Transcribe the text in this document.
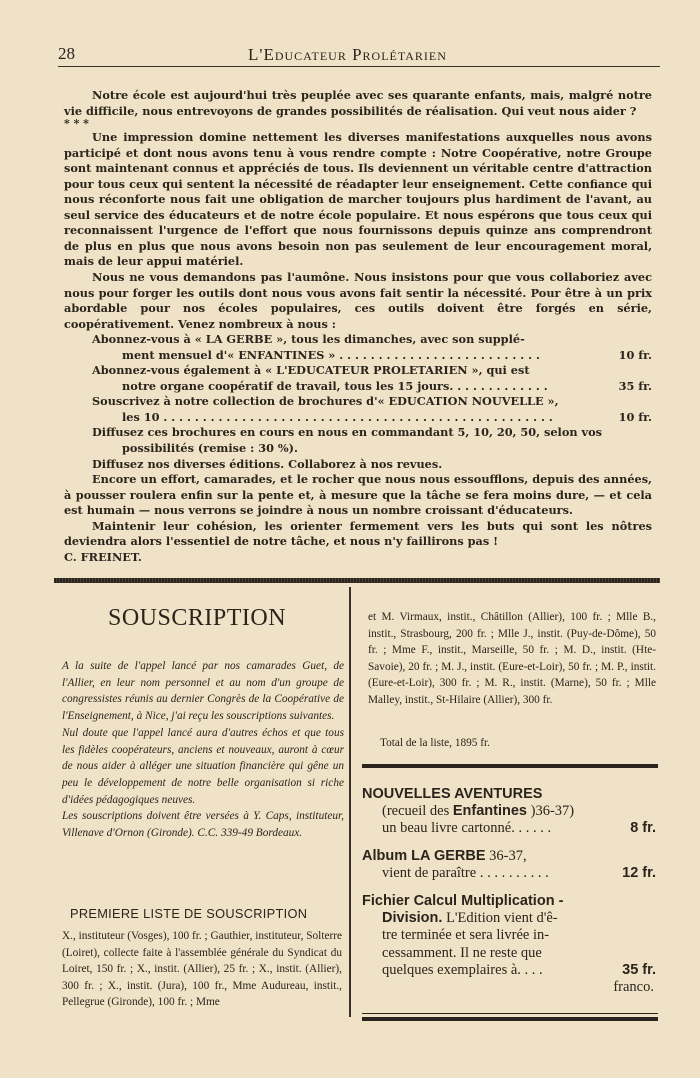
28	L'Educateur Prolétarien

Notre école est aujourd'hui très peuplée avec ses quarante enfants, mais, malgré notre vie difficile, nous entrevoyons de grandes possibilités de réalisation. Qui veut nous aider ?

* * *

Une impression domine nettement les diverses manifestations auxquelles nous avons participé et dont nous avons tenu à vous rendre compte : Notre Coopérative, notre Groupe sont maintenant connus et appréciés de tous. Ils deviennent un véritable centre d'attraction pour tous ceux qui sentent la nécessité de réadapter leur enseignement. Cette confiance qui nous réconforte nous fait une obligation de marcher toujours plus hardiment de l'avant, au seul service des éducateurs et de notre école populaire. Et nous espérons que tous ceux qui reconnaissent l'urgence de l'effort que nous fournissons depuis quinze ans comprendront de plus en plus que nous avons besoin non pas seulement de leur encouragement moral, mais de leur appui matériel.

Nous ne vous demandons pas l'aumône. Nous insistons pour que vous collaboriez avec nous pour forger les outils dont nous vous avons fait sentir la nécessité. Pour être à un prix abordable pour nos écoles populaires, ces outils doivent être forgés en série, coopérativement. Venez nombreux à nous :

Abonnez-vous à « LA GERBE », tous les dimanches, avec son supplé-
ment mensuel d'« ENFANTINES » . . . . . . . . . . . . . . . . . . . . . . . . . .	10 fr.
Abonnez-vous également à « L'EDUCATEUR PROLETARIEN », qui est
notre organe coopératif de travail, tous les 15 jours. . . . . . . . . . . . .	35 fr.
Souscrivez à notre collection de brochures d'« EDUCATION NOUVELLE »,
les 10 . . . . . . . . . . . . . . . . . . . . . . . . . . . . . . . . . . . . . . . . . . . . . . . . . .	10 fr.
Diffusez ces brochures en cours en nous en commandant 5, 10, 20, 50, selon vos
possibilités (remise : 30 %).
Diffusez nos diverses éditions. Collaborez à nos revues.

Encore un effort, camarades, et le rocher que nous nous essoufflons, depuis des années, à pousser roulera enfin sur la pente et, à mesure que la tâche se fera moins dure, — et cela est humain — nous verrons se joindre à nous un nombre croissant d'éducateurs.

Maintenir leur cohésion, les orienter fermement vers les buts qui sont les nôtres deviendra alors l'essentiel de notre tâche, et nous n'y faillirons pas !

C. FREINET.

SOUSCRIPTION

A la suite de l'appel lancé par nos camarades Guet, de l'Allier, en leur nom personnel et au nom d'un groupe de congressistes réunis au dernier Congrès de la Coopérative de l'Enseignement, à Nice, j'ai reçu les souscriptions suivantes.

Nul doute que l'appel lancé aura d'autres échos et que tous les fidèles coopérateurs, anciens et nouveaux, auront à cœur de nous aider à alléger une situation financière qui gêne un peu le développement de notre belle organisation si riche d'idées pédagogiques neuves.

Les souscriptions doivent être versées à Y. Caps, instituteur, Villenave d'Ornon (Gironde). C.C. 339-49 Bordeaux.

PREMIERE LISTE DE SOUSCRIPTION

X., instituteur (Vosges), 100 fr. ; Gauthier, instituteur, Solterre (Loiret), collecte faite à l'assemblée générale du Syndicat du Loiret, 150 fr. ; X., instit. (Allier), 25 fr. ; X., instit. (Allier), 300 fr. ; X., instit. (Jura), 100 fr., Mme Audureau, instit., Pellegrue (Gironde), 100 fr. ; Mme

et M. Virmaux, instit., Châtillon (Allier), 100 fr. ; Mlle B., instit., Strasbourg, 200 fr. ; Mlle J., instit. (Puy-de-Dôme), 50 fr. ; Mme F., instit., Marseille, 50 fr. ; M. D., instit. (Hte-Savoie), 20 fr. ; M. J., instit. (Eure-et-Loir), 50 fr. ; M. P., instit. (Eure-et-Loir), 300 fr. ; M. R., instit. (Marne), 50 fr. ; Mlle Malley, instit., St-Hilaire (Allier), 300 fr.

Total de la liste, 1895 fr.
NOUVELLES AVENTURES
(recueil des Enfantines )36-37)
un beau livre cartonné. . . . . .	8 fr.
Album LA GERBE 36-37,
vient de paraître . . . . . . . . . .	12 fr.
Fichier Calcul Multiplication -
Division. L'Edition vient d'ê-
tre terminée et sera livrée in-
cessamment. Il ne reste que
quelques exemplaires à. . . .	35 fr.
franco.
